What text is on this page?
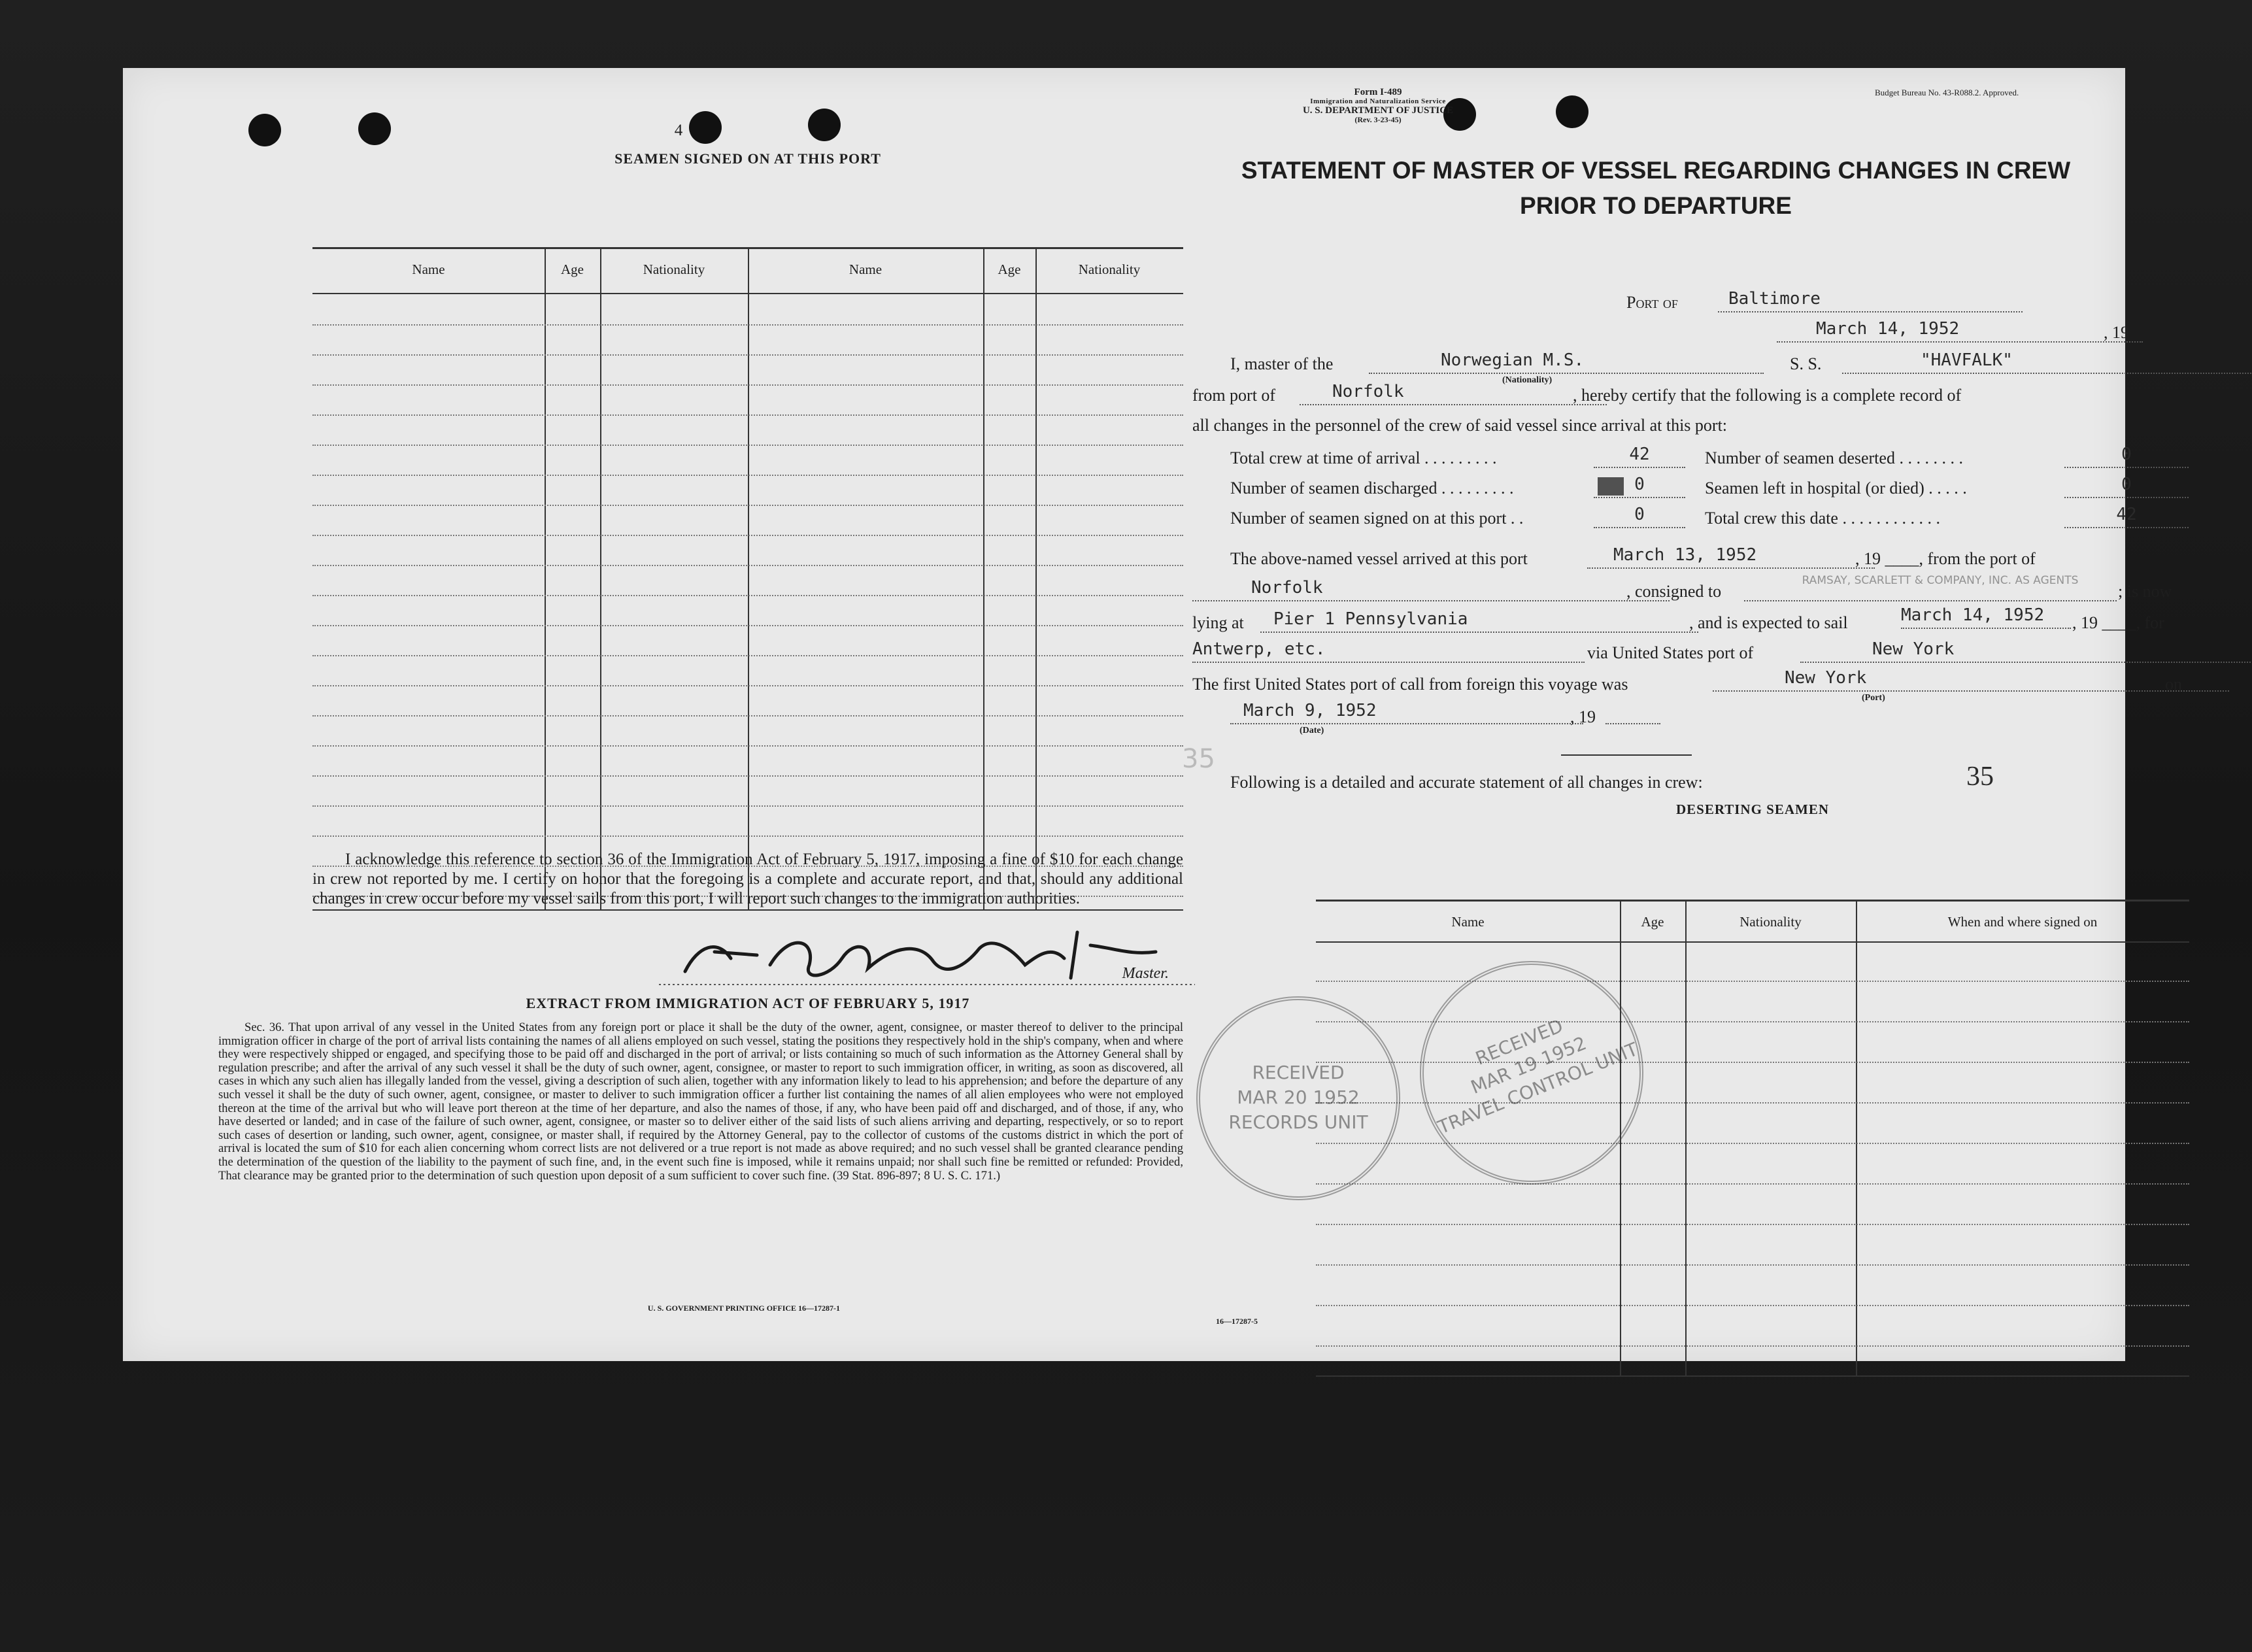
4
SEAMEN SIGNED ON AT THIS PORT
Name	Age	Nationality	Name	Age	Nationality
I acknowledge this reference to section 36 of the Immigration Act of February 5, 1917, imposing a fine of $10 for each change in crew not reported by me. I certify on honor that the foregoing is a complete and accurate report, and that, should any additional changes in crew occur before my vessel sails from this port, I will report such changes to the immigration authorities.
Master.
EXTRACT FROM IMMIGRATION ACT OF FEBRUARY 5, 1917
Sec. 36. That upon arrival of any vessel in the United States from any foreign port or place it shall be the duty of the owner, agent, consignee, or master thereof to deliver to the principal immigration officer in charge of the port of arrival lists containing the names of all aliens employed on such vessel, stating the positions they respectively hold in the ship's company, when and where they were respectively shipped or engaged, and specifying those to be paid off and discharged in the port of arrival; or lists containing so much of such information as the Attorney General shall by regulation prescribe; and after the arrival of any such vessel it shall be the duty of such owner, agent, consignee, or master to report to such immigration officer, in writing, as soon as discovered, all cases in which any such alien has illegally landed from the vessel, giving a description of such alien, together with any information likely to lead to his apprehension; and before the departure of any such vessel it shall be the duty of such owner, agent, consignee, or master to deliver to such immigration officer a further list containing the names of all alien employees who were not employed thereon at the time of the arrival but who will leave port thereon at the time of her departure, and also the names of those, if any, who have been paid off and discharged, and of those, if any, who have deserted or landed; and in case of the failure of such owner, agent, consignee, or master so to deliver either of the said lists of such aliens arriving and departing, respectively, or so to report such cases of desertion or landing, such owner, agent, consignee, or master shall, if required by the Attorney General, pay to the collector of customs of the customs district in which the port of arrival is located the sum of $10 for each alien concerning whom correct lists are not delivered or a true report is not made as above required; and no such vessel shall be granted clearance pending the determination of the question of the liability to the payment of such fine, and, in the event such fine is imposed, while it remains unpaid; nor shall such fine be remitted or refunded: Provided, That clearance may be granted prior to the determination of such question upon deposit of a sum sufficient to cover such fine. (39 Stat. 896-897; 8 U. S. C. 171.)
U. S. GOVERNMENT PRINTING OFFICE 16—17287-1
Form I-489
Immigration and Naturalization Service
U. S. DEPARTMENT OF JUSTICE
(Rev. 3-23-45)
Budget Bureau No. 43-R088.2. Approved.
STATEMENT OF MASTER OF VESSEL REGARDING CHANGES IN CREW
PRIOR TO DEPARTURE
Port of	Baltimore
March 14, 1952	, 19
I, master of the	Norwegian M.S.
(Nationality)
S. S.	"HAVFALK"
from port of	Norfolk	, hereby certify that the following is a complete record of
all changes in the personnel of the crew of said vessel since arrival at this port:
Total crew at time of arrival . . . . . . . . .	42	Number of seamen deserted . . . . . . . .	0
Number of seamen discharged . . . . . . . . .	0	Seamen left in hospital (or died) . . . . .	0
Number of seamen signed on at this port . .	0	Total crew this date . . . . . . . . . . . .	42
The above-named vessel arrived at this port	March 13, 1952	, 19 ____, from the port of
Norfolk	, consigned to
RAMSAY, SCARLETT & COMPANY, INC. AS AGENTS
; is now
lying at	Pier 1 Pennsylvania	, and is expected to sail	March 14, 1952	, 19 ____, for
Antwerp, etc.	via United States port of	New York
The first United States port of call from foreign this voyage was	New York
(Port)
on
March 9, 1952
(Date)
, 19
35
Following is a detailed and accurate statement of all changes in crew:	35
DESERTING SEAMEN
Name	Age	Nationality	When and where signed on
RECEIVED
MAR 20 1952
RECORDS UNIT
RECEIVED
MAR 19 1952
TRAVEL CONTROL UNIT
16—17287-5
